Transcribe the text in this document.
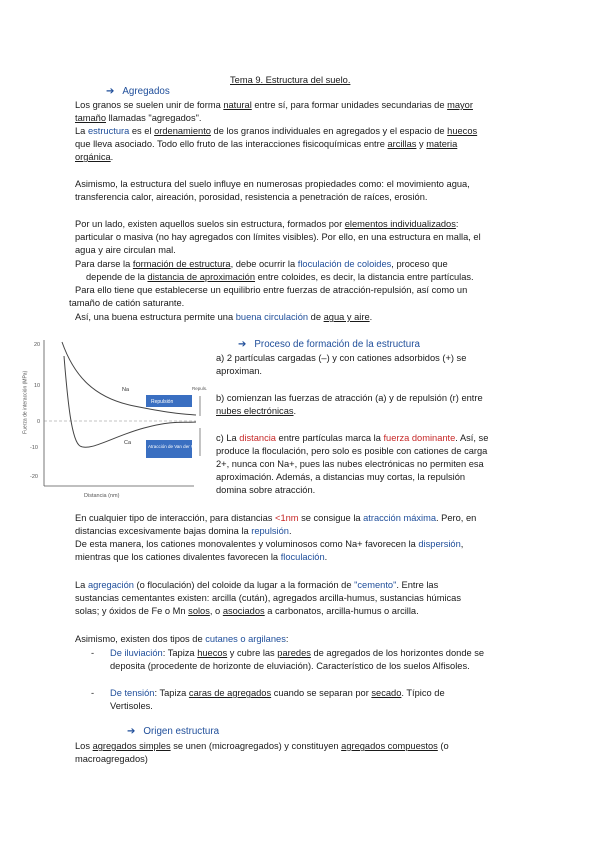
Tema 9. Estructura del suelo.
➔ Agregados
Los granos se suelen unir de forma natural entre sí, para formar unidades secundarias de mayor
tamaño llamadas "agregados".
La estructura es el ordenamiento de los granos individuales en agregados y el espacio de huecos
que lleva asociado. Todo ello fruto de las interacciones fisicoquímicas entre arcillas y materia
orgánica.
Asimismo, la estructura del suelo influye en numerosas propiedades como: el movimiento agua,
transferencia calor, aireación, porosidad, resistencia a penetración de raíces, erosión.
Por un lado, existen aquellos suelos sin estructura, formados por elementos individualizados:
particular o masiva (no hay agregados con límites visibles). Por ello, en una estructura en malla, el
agua y aire circulan mal.
Para darse la formación de estructura, debe ocurrir la floculación de coloides, proceso que
depende de la distancia de aproximación entre coloides, es decir, la distancia entre partículas.
Para ello tiene que establecerse un equilibrio entre fuerzas de atracción-repulsión, así como un
tamaño de catión saturante.
Así, una buena estructura permite una buena circulación de agua y aire.
20
10
0
-10
-20
Na
Ca
Repulsión
Atracción de Van der Waals
Repuls.
Distancia (nm)
Fuerza de interacción (MPa)
➔ Proceso de formación de la estructura
a) 2 partículas cargadas (–) y con cationes adsorbidos (+) se
aproximan.
b) comienzan las fuerzas de atracción (a) y de repulsión (r) entre
nubes electrónicas.
c) La distancia entre partículas marca la fuerza dominante. Así, se
produce la floculación, pero solo es posible con cationes de carga
2+, nunca con Na+, pues las nubes electrónicas no permiten esa
aproximación. Además, a distancias muy cortas, la repulsión
domina sobre atracción.
En cualquier tipo de interacción, para distancias <1nm se consigue la atracción máxima. Pero, en
distancias excesivamente bajas domina la repulsión.
De esta manera, los cationes monovalentes y voluminosos como Na+ favorecen la dispersión,
mientras que los cationes divalentes favorecen la floculación.
La agregación (o floculación) del coloide da lugar a la formación de "cemento". Entre las
sustancias cementantes existen: arcilla (cután), agregados arcilla-humus, sustancias húmicas
solas; y óxidos de Fe o Mn solos, o asociados a carbonatos, arcilla-humus o arcilla.
Asimismo, existen dos tipos de cutanes o argilanes:
- De iluviación: Tapiza huecos y cubre las paredes de agregados de los horizontes donde se
deposita (procedente de horizonte de eluviación). Característico de los suelos Alfisoles.
- De tensión: Tapiza caras de agregados cuando se separan por secado. Típico de
Vertisoles.
➔ Origen estructura
Los agregados simples se unen (microagregados) y constituyen agregados compuestos (o
macroagregados)
